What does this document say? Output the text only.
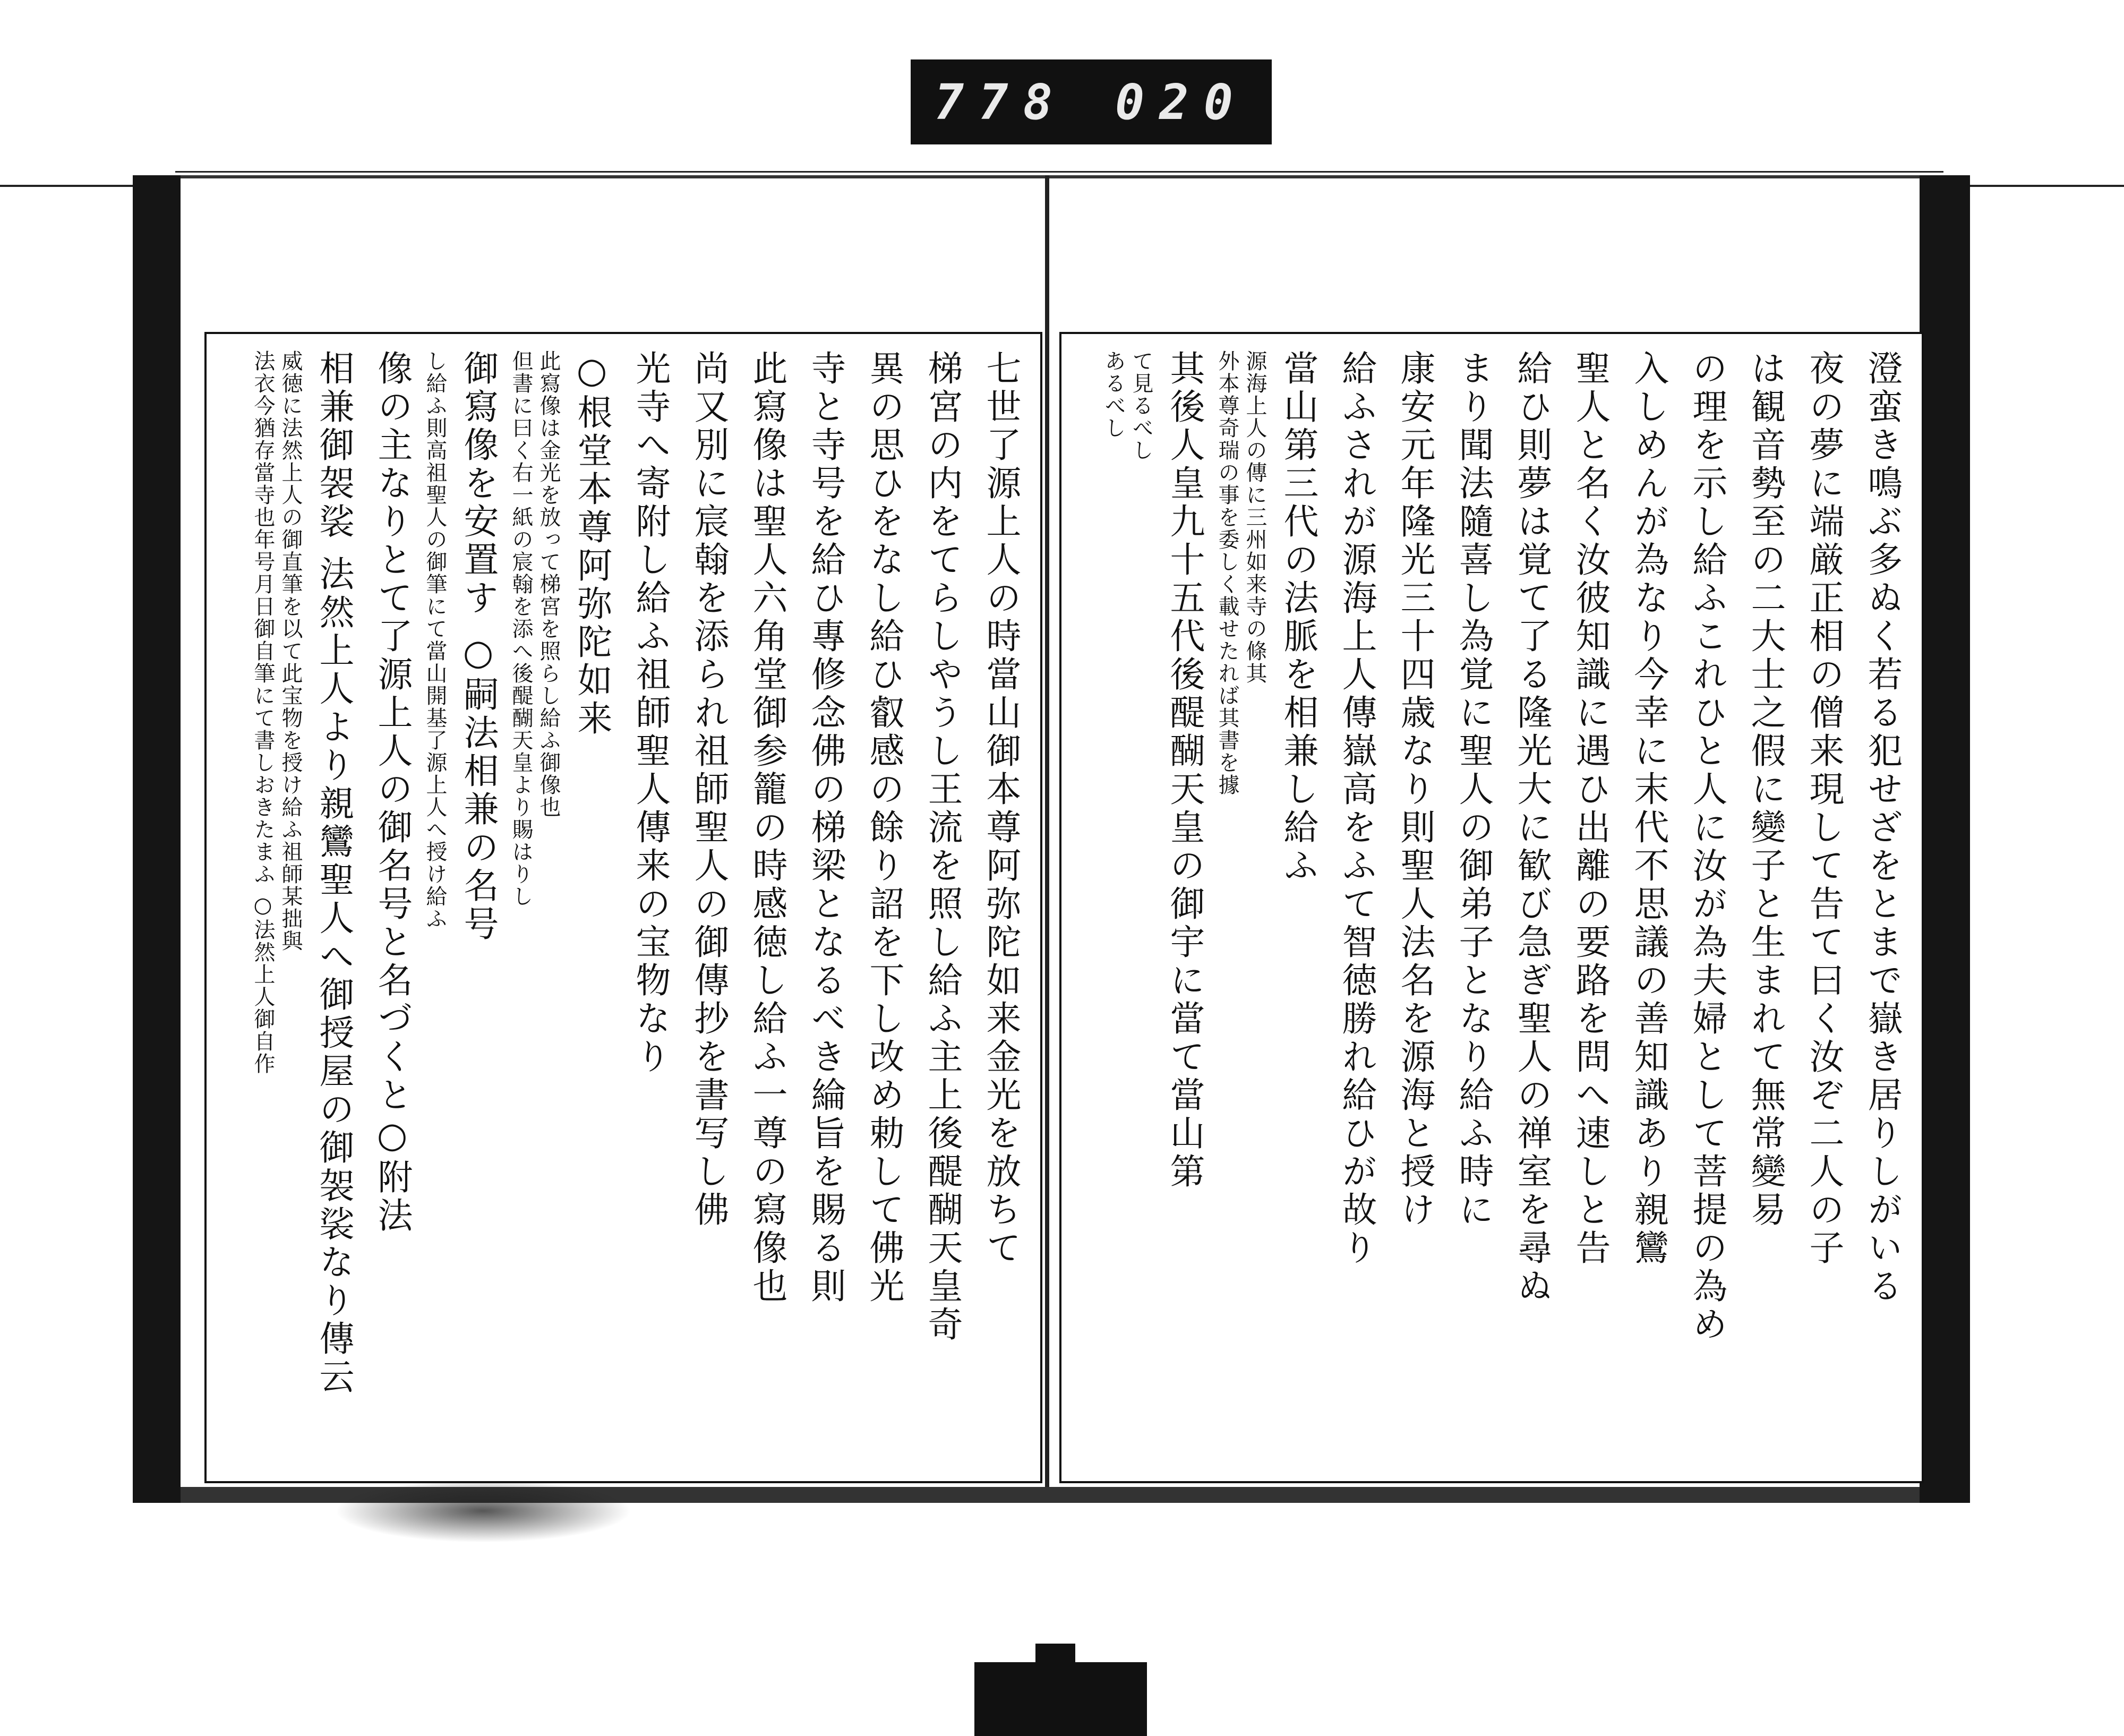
778 020
七世了源上人の時當山御本尊阿弥陀如来金光を放ちて
梯宮の内をてらしやうし王流を照し給ふ主上後醍醐天皇奇
異の思ひをなし給ひ叡感の餘り詔を下し改め勅して佛光
寺と寺号を給ひ專修念佛の梯梁となるべき綸旨を賜る則
此寫像は聖人六角堂御参籠の時感徳し給ふ一尊の寫像也
尚又別に宸翰を添られ祖師聖人の御傳抄を書写し佛
光寺へ寄附し給ふ祖師聖人傳来の宝物なり
○根堂本尊阿弥陀如来
此寫像は金光を放って梯宮を照らし給ふ御像也
但書に曰く右一紙の宸翰を添へ後醍醐天皇より賜はりし
御寫像を安置す ○嗣法相兼の名号
し給ふ則高祖聖人の御筆にて當山開基了源上人へ授け給ふ
像の主なりとて了源上人の御名号と名づくと○附法
相兼御袈裟 法然上人より親鸞聖人へ御授屋の御袈裟なり傳云
威徳に法然上人の御直筆を以て此宝物を授け給ふ祖師某拙與
法衣今猶存當寺也年号月日御自筆にて書しおきたまふ ○法然上人御自作	澄蛮き鳴ぶ多ぬく若る犯せざをとまで嶽き居りしがいる
夜の夢に端厳正相の僧来現して告て曰く汝ぞ二人の子
は観音勢至の二大士之假に變子と生まれて無常變易
の理を示し給ふこれひと人に汝が為夫婦として菩提の為め
入しめんが為なり今幸に末代不思議の善知識あり親鸞
聖人と名く汝彼知識に遇ひ出離の要路を問へ速しと告
給ひ則夢は覚て了る隆光大に歓び急ぎ聖人の禅室を尋ぬ
まり聞法隨喜し為覚に聖人の御弟子となり給ふ時に
康安元年隆光三十四歳なり則聖人法名を源海と授け
給ふされが源海上人傳嶽高をふて智徳勝れ給ひが故り
當山第三代の法脈を相兼し給ふ
源海上人の傳に三州如来寺の條其
外本尊奇瑞の事を委しく載せたれば其書を據
其後人皇九十五代後醍醐天皇の御宇に當て當山第
て見るべし
あるべし
